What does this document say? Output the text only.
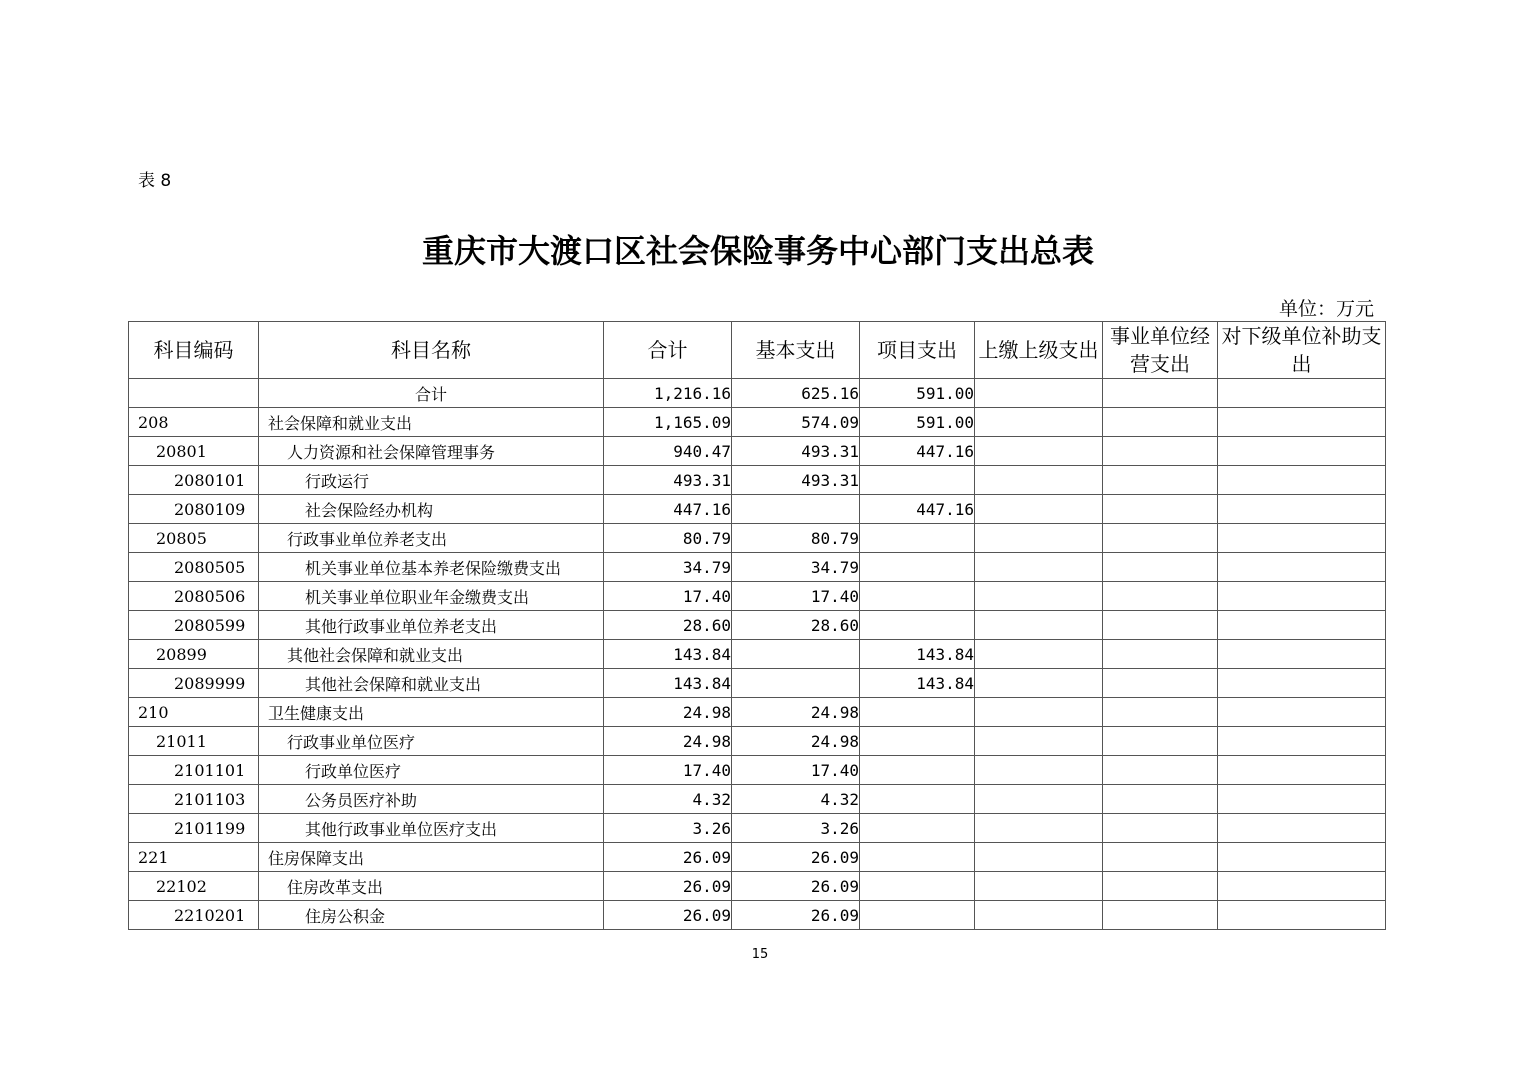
表 8
重庆市大渡口区社会保险事务中心部门支出总表
单位：万元
科目编码	科目名称	合计	基本支出	项目支出	上缴上级支出	事业单位经营支出	对下级单位补助支出
	合计	1,216.16	625.16	591.00			
208	社会保障和就业支出	1,165.09	574.09	591.00			
20801	人力资源和社会保障管理事务	940.47	493.31	447.16			
2080101	行政运行	493.31	493.31				
2080109	社会保险经办机构	447.16		447.16			
20805	行政事业单位养老支出	80.79	80.79				
2080505	机关事业单位基本养老保险缴费支出	34.79	34.79				
2080506	机关事业单位职业年金缴费支出	17.40	17.40				
2080599	其他行政事业单位养老支出	28.60	28.60				
20899	其他社会保障和就业支出	143.84		143.84			
2089999	其他社会保障和就业支出	143.84		143.84			
210	卫生健康支出	24.98	24.98				
21011	行政事业单位医疗	24.98	24.98				
2101101	行政单位医疗	17.40	17.40				
2101103	公务员医疗补助	4.32	4.32				
2101199	其他行政事业单位医疗支出	3.26	3.26				
221	住房保障支出	26.09	26.09				
22102	住房改革支出	26.09	26.09				
2210201	住房公积金	26.09	26.09				
15
